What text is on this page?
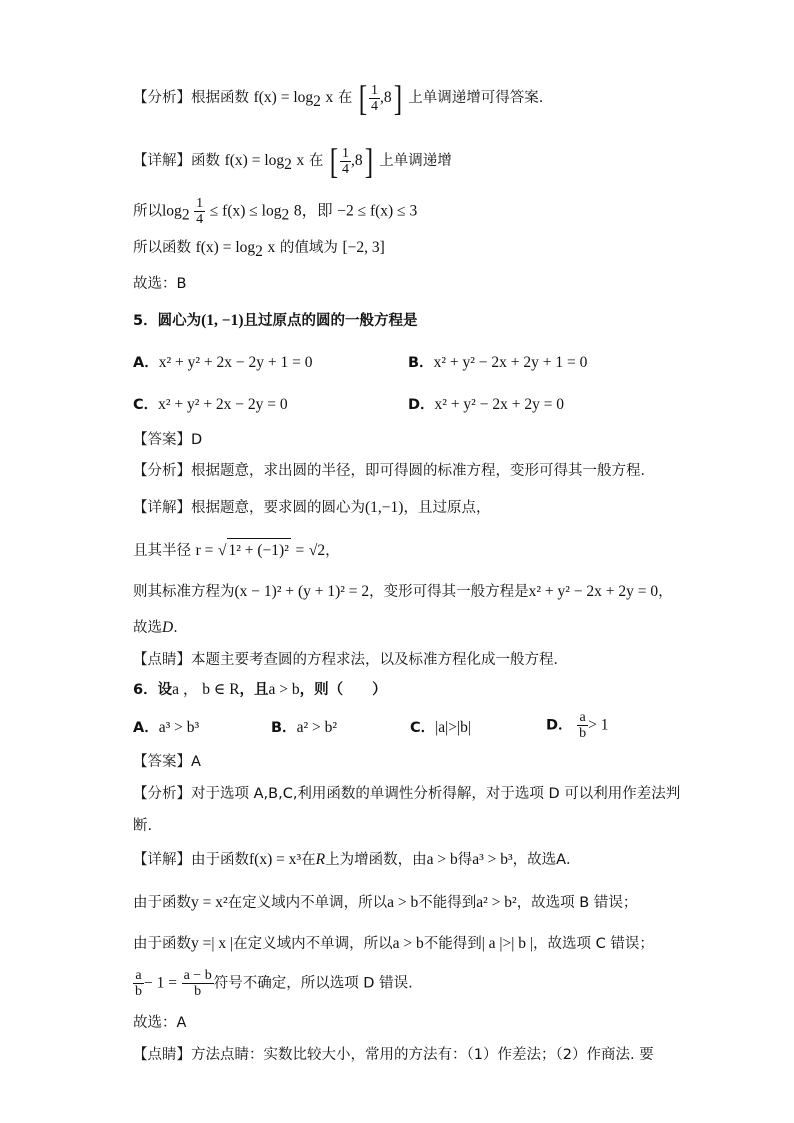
【分析】根据函数 $f(x) = \log_2 x$ 在 [ $\frac{1}{4} ,8$] 上单调递增可得答案.
【详解】函数 $f(x) = \log_2 x$ 在 [ $\frac{1}{4} ,8$] 上单调递增
所以$\log_2 \frac{1}{4} \le f(x) \le \log_2 8$，即 −2 ≤ f(x) ≤ 3
所以函数 $f(x) = \log_2 x$ 的值域为 [−2, 3]
故选：B
5．圆心为(1, −1)且过原点的圆的一般方程是
A．x² + y² + 2x − 2y + 1 = 0	B．x² + y² − 2x + 2y + 1 = 0
C．x² + y² + 2x − 2y = 0	D．x² + y² − 2x + 2y = 0
【答案】D
【分析】根据题意，求出圆的半径，即可得圆的标准方程，变形可得其一般方程．
【详解】根据题意，要求圆的圆心为(1,−1)，且过原点，
且其半径 r = √ 1² + (−1)² = √2，
则其标准方程为(x − 1)² + (y + 1)² = 2，变形可得其一般方程是x² + y² − 2x + 2y = 0，
故选D．
【点睛】本题主要考查圆的方程求法，以及标准方程化成一般方程．
6．设a ， b ∈ R，且a > b，则（　　）
A．a³ > b³	B．a² > b²	C．|a|>|b|	D． $\frac{a}{b} > 1$
【答案】A
【分析】对于选项 A,B,C,利用函数的单调性分析得解，对于选项 D 可以利用作差法判
断.
【详解】由于函数f(x) = x³在R上为增函数，由a > b得a³ > b³，故选A．
由于函数y = x²在定义域内不单调，所以a > b不能得到a² > b²，故选项 B 错误；
由于函数y =| x |在定义域内不单调，所以a > b不能得到| a |>| b |，故选项 C 错误；
$\frac{a}{b} - 1 = \frac{a - b}{b}$ 符号不确定，所以选项 D 错误.
故选：A
【点睛】方法点睛：实数比较大小，常用的方法有：（1）作差法；（2）作商法. 要
